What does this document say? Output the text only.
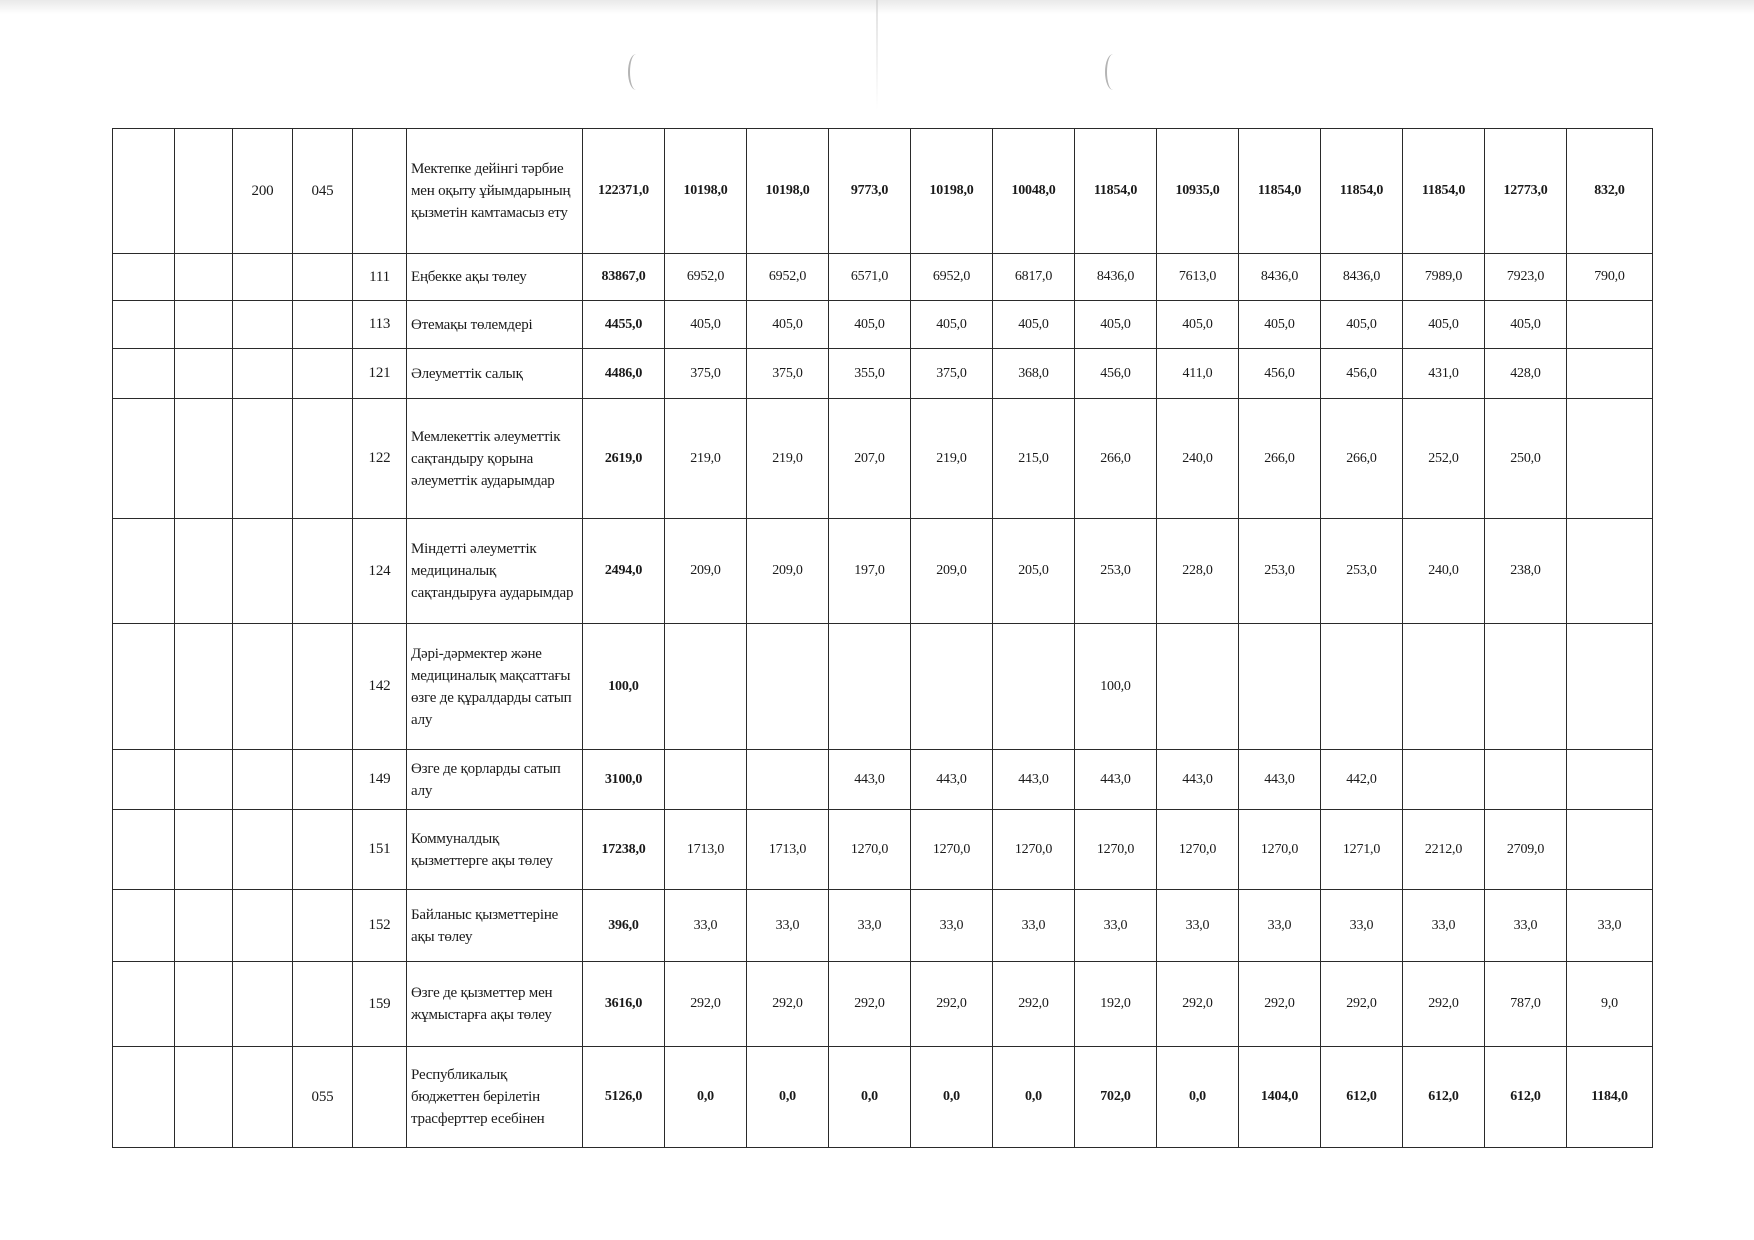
		200	045		Мектепке дейінгі тәрбие мен оқыту ұйымдарының қызметін камтамасыз ету	122371,0	10198,0	10198,0	9773,0	10198,0	10048,0	11854,0	10935,0	11854,0	11854,0	11854,0	12773,0	832,0
				111	Еңбекке ақы төлеу	83867,0	6952,0	6952,0	6571,0	6952,0	6817,0	8436,0	7613,0	8436,0	8436,0	7989,0	7923,0	790,0
				113	Өтемақы төлемдері	4455,0	405,0	405,0	405,0	405,0	405,0	405,0	405,0	405,0	405,0	405,0	405,0	
				121	Әлеуметтік салық	4486,0	375,0	375,0	355,0	375,0	368,0	456,0	411,0	456,0	456,0	431,0	428,0	
				122	Мемлекеттік әлеуметтік сақтандыру қорына әлеуметтік аударымдар	2619,0	219,0	219,0	207,0	219,0	215,0	266,0	240,0	266,0	266,0	252,0	250,0	
				124	Міндетті әлеуметтік медициналық сақтандыруға аударымдар	2494,0	209,0	209,0	197,0	209,0	205,0	253,0	228,0	253,0	253,0	240,0	238,0	
				142	Дәрі-дәрмектер және медициналық мақсаттағы өзге де құралдарды сатып алу	100,0						100,0						
				149	Өзге де қорларды сатып алу	3100,0			443,0	443,0	443,0	443,0	443,0	443,0	442,0			
				151	Коммуналдық қызметтерге ақы төлеу	17238,0	1713,0	1713,0	1270,0	1270,0	1270,0	1270,0	1270,0	1270,0	1271,0	2212,0	2709,0	
				152	Байланыс қызметтеріне ақы төлеу	396,0	33,0	33,0	33,0	33,0	33,0	33,0	33,0	33,0	33,0	33,0	33,0	33,0
				159	Өзге де қызметтер мен жұмыстарға ақы төлеу	3616,0	292,0	292,0	292,0	292,0	292,0	192,0	292,0	292,0	292,0	292,0	787,0	9,0
			055		Республикалық бюджеттен берілетін трасферттер есебінен	5126,0	0,0	0,0	0,0	0,0	0,0	702,0	0,0	1404,0	612,0	612,0	612,0	1184,0
